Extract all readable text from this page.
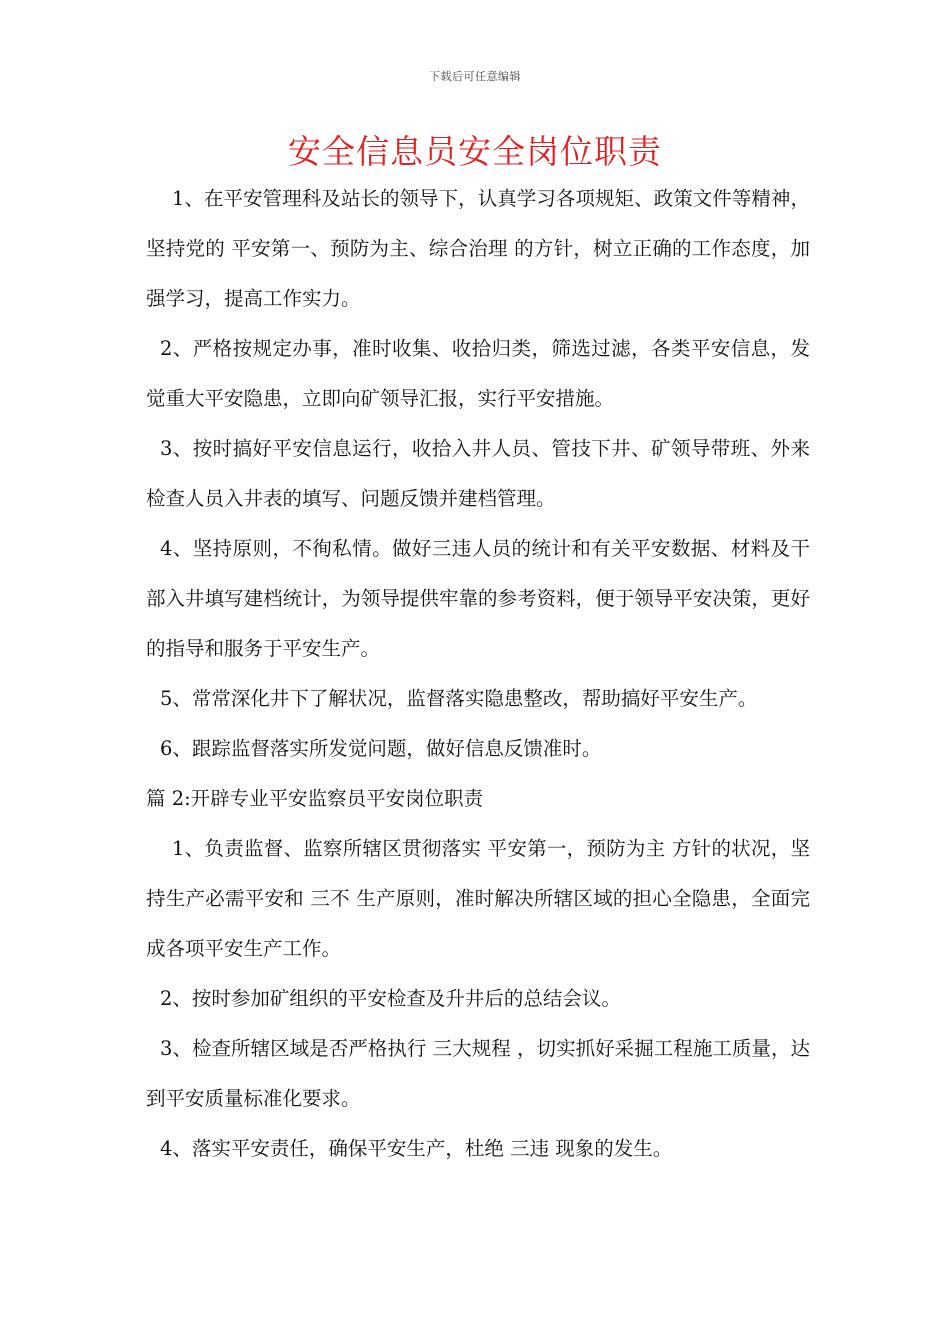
下载后可任意编辑
安全信息员安全岗位职责

1、在平安管理科及站长的领导下，认真学习各项规矩、政策文件等精神，坚持党的 平安第一、预防为主、综合治理 的方针，树立正确的工作态度，加强学习，提高工作实力。

2、严格按规定办事，准时收集、收拾归类，筛选过滤，各类平安信息，发觉重大平安隐患，立即向矿领导汇报，实行平安措施。

3、按时搞好平安信息运行，收拾入井人员、管技下井、矿领导带班、外来检查人员入井表的填写、问题反馈并建档管理。

4、坚持原则，不徇私情。做好三违人员的统计和有关平安数据、材料及干部入井填写建档统计，为领导提供牢靠的参考资料，便于领导平安决策，更好的指导和服务于平安生产。

5、常常深化井下了解状况，监督落实隐患整改，帮助搞好平安生产。

6、跟踪监督落实所发觉问题，做好信息反馈准时。

篇 2:开辟专业平安监察员平安岗位职责

1、负责监督、监察所辖区贯彻落实 平安第一，预防为主 方针的状况，坚持生产必需平安和 三不 生产原则，准时解决所辖区域的担心全隐患，全面完成各项平安生产工作。

2、按时参加矿组织的平安检查及升井后的总结会议。

3、检查所辖区域是否严格执行 三大规程 ，切实抓好采掘工程施工质量，达到平安质量标准化要求。

4、落实平安责任，确保平安生产，杜绝 三违 现象的发生。
